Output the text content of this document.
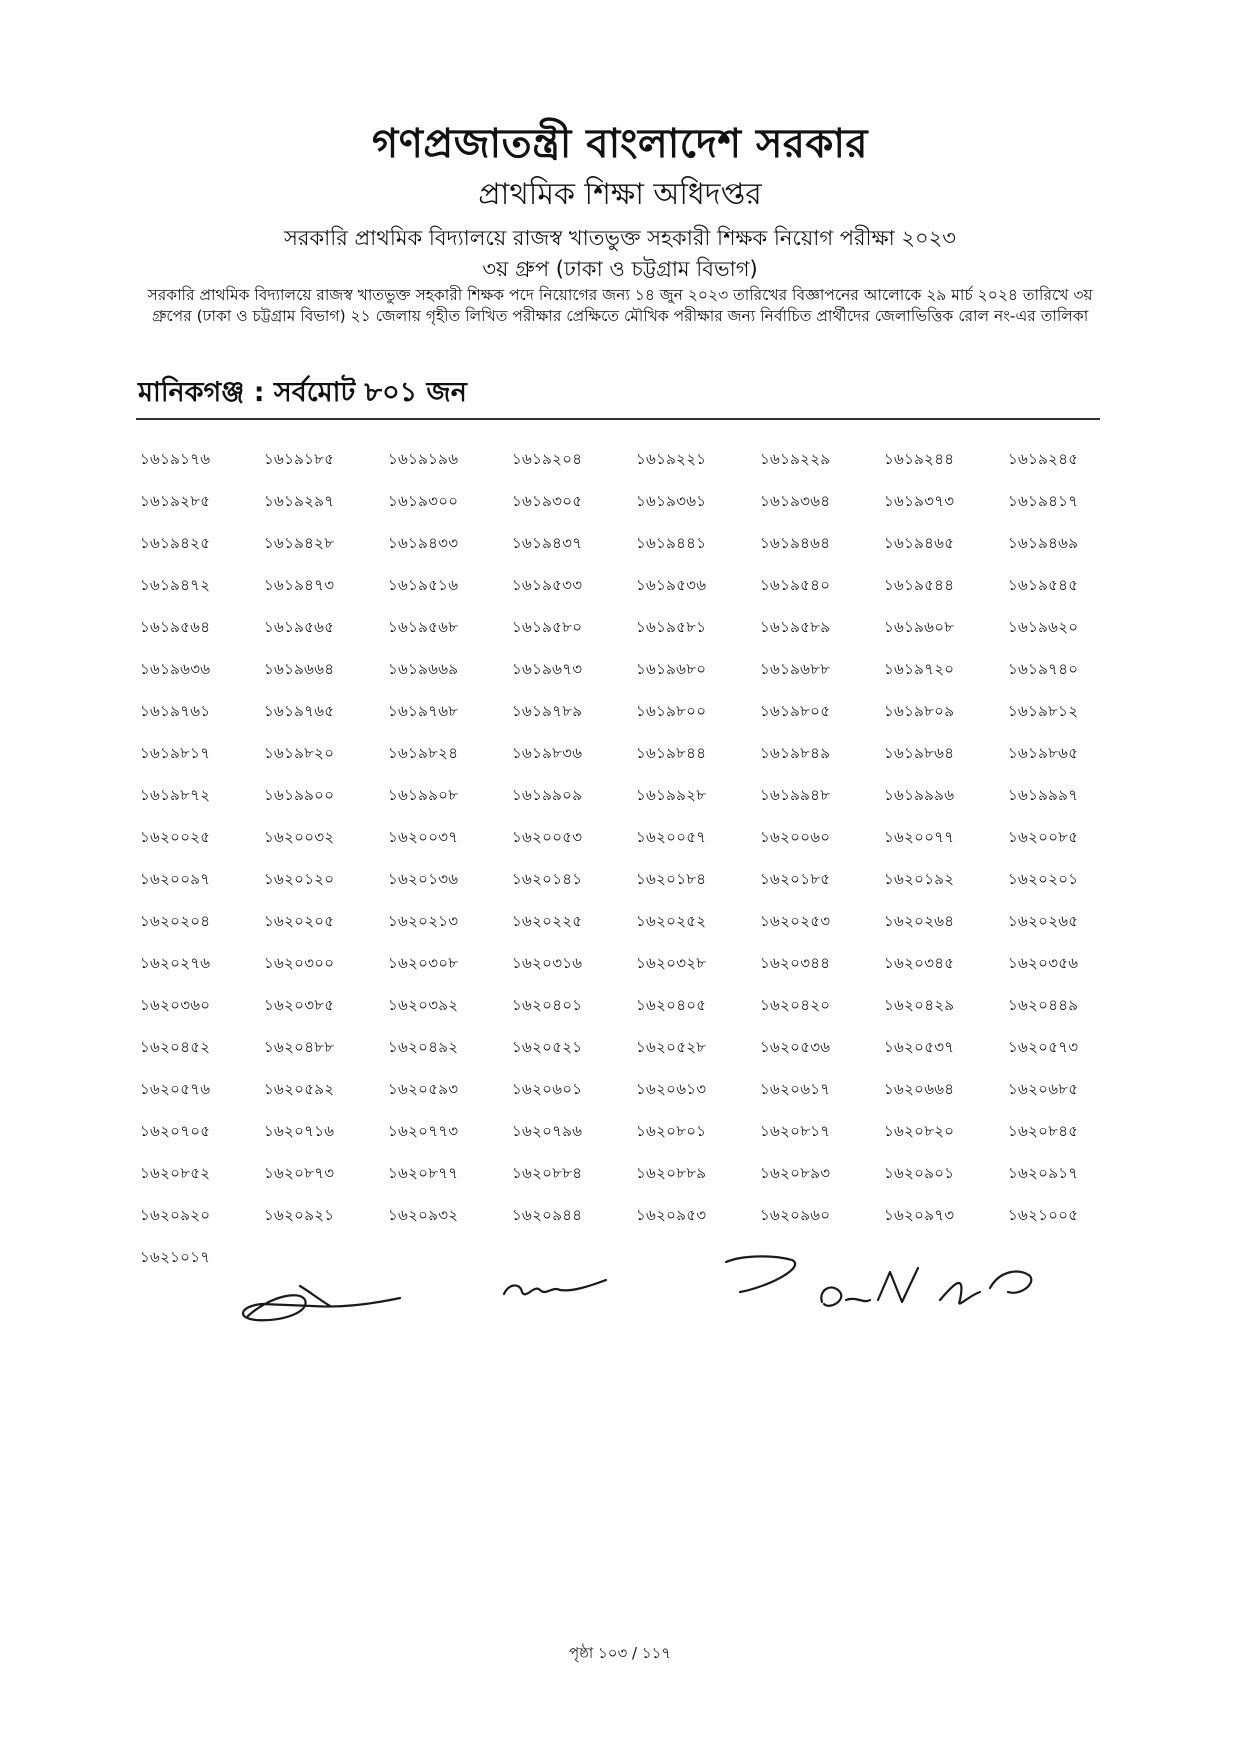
গণপ্রজাতন্ত্রী বাংলাদেশ সরকার
প্রাথমিক শিক্ষা অধিদপ্তর
সরকারি প্রাথমিক বিদ্যালয়ে রাজস্ব খাতভুক্ত সহকারী শিক্ষক নিয়োগ পরীক্ষা ২০২৩
৩য় গ্রুপ (ঢাকা ও চট্টগ্রাম বিভাগ)
সরকারি প্রাথমিক বিদ্যালয়ে রাজস্ব খাতভুক্ত সহকারী শিক্ষক পদে নিয়োগের জন্য ১৪ জুন ২০২৩ তারিখের বিজ্ঞাপনের আলোকে ২৯ মার্চ ২০২৪ তারিখে ৩য় গ্রুপের (ঢাকা ও চট্টগ্রাম বিভাগ) ২১ জেলায় গৃহীত লিখিত পরীক্ষার প্রেক্ষিতে মৌখিক পরীক্ষার জন্য নির্বাচিত প্রার্থীদের জেলাভিত্তিক রোল নং-এর তালিকা
মানিকগঞ্জ : সর্বমোট ৮০১ জন
১৬১৯১৭৬	১৬১৯১৮৫	১৬১৯১৯৬	১৬১৯২০৪	১৬১৯২২১	১৬১৯২২৯	১৬১৯২৪৪	১৬১৯২৪৫
১৬১৯২৮৫	১৬১৯২৯৭	১৬১৯৩০০	১৬১৯৩০৫	১৬১৯৩৬১	১৬১৯৩৬৪	১৬১৯৩৭৩	১৬১৯৪১৭
১৬১৯৪২৫	১৬১৯৪২৮	১৬১৯৪৩৩	১৬১৯৪৩৭	১৬১৯৪৪১	১৬১৯৪৬৪	১৬১৯৪৬৫	১৬১৯৪৬৯
১৬১৯৪৭২	১৬১৯৪৭৩	১৬১৯৫১৬	১৬১৯৫৩৩	১৬১৯৫৩৬	১৬১৯৫৪০	১৬১৯৫৪৪	১৬১৯৫৪৫
১৬১৯৫৬৪	১৬১৯৫৬৫	১৬১৯৫৬৮	১৬১৯৫৮০	১৬১৯৫৮১	১৬১৯৫৮৯	১৬১৯৬০৮	১৬১৯৬২০
১৬১৯৬৩৬	১৬১৯৬৬৪	১৬১৯৬৬৯	১৬১৯৬৭৩	১৬১৯৬৮০	১৬১৯৬৮৮	১৬১৯৭২০	১৬১৯৭৪০
১৬১৯৭৬১	১৬১৯৭৬৫	১৬১৯৭৬৮	১৬১৯৭৮৯	১৬১৯৮০০	১৬১৯৮০৫	১৬১৯৮০৯	১৬১৯৮১২
১৬১৯৮১৭	১৬১৯৮২০	১৬১৯৮২৪	১৬১৯৮৩৬	১৬১৯৮৪৪	১৬১৯৮৪৯	১৬১৯৮৬৪	১৬১৯৮৬৫
১৬১৯৮৭২	১৬১৯৯০০	১৬১৯৯০৮	১৬১৯৯০৯	১৬১৯৯২৮	১৬১৯৯৪৮	১৬১৯৯৯৬	১৬১৯৯৯৭
১৬২০০২৫	১৬২০০৩২	১৬২০০৩৭	১৬২০০৫৩	১৬২০০৫৭	১৬২০০৬০	১৬২০০৭৭	১৬২০০৮৫
১৬২০০৯৭	১৬২০১২০	১৬২০১৩৬	১৬২০১৪১	১৬২০১৮৪	১৬২০১৮৫	১৬২০১৯২	১৬২০২০১
১৬২০২০৪	১৬২০২০৫	১৬২০২১৩	১৬২০২২৫	১৬২০২৫২	১৬২০২৫৩	১৬২০২৬৪	১৬২০২৬৫
১৬২০২৭৬	১৬২০৩০০	১৬২০৩০৮	১৬২০৩১৬	১৬২০৩২৮	১৬২০৩৪৪	১৬২০৩৪৫	১৬২০৩৫৬
১৬২০৩৬০	১৬২০৩৮৫	১৬২০৩৯২	১৬২০৪০১	১৬২০৪০৫	১৬২০৪২০	১৬২০৪২৯	১৬২০৪৪৯
১৬২০৪৫২	১৬২০৪৮৮	১৬২০৪৯২	১৬২০৫২১	১৬২০৫২৮	১৬২০৫৩৬	১৬২০৫৩৭	১৬২০৫৭৩
১৬২০৫৭৬	১৬২০৫৯২	১৬২০৫৯৩	১৬২০৬০১	১৬২০৬১৩	১৬২০৬১৭	১৬২০৬৬৪	১৬২০৬৮৫
১৬২০৭০৫	১৬২০৭১৬	১৬২০৭৭৩	১৬২০৭৯৬	১৬২০৮০১	১৬২০৮১৭	১৬২০৮২০	১৬২০৮৪৫
১৬২০৮৫২	১৬২০৮৭৩	১৬২০৮৭৭	১৬২০৮৮৪	১৬২০৮৮৯	১৬২০৮৯৩	১৬২০৯০১	১৬২০৯১৭
১৬২০৯২০	১৬২০৯২১	১৬২০৯৩২	১৬২০৯৪৪	১৬২০৯৫৩	১৬২০৯৬০	১৬২০৯৭৩	১৬২১০০৫
১৬২১০১৭
পৃষ্ঠা ১০৩ / ১১৭
